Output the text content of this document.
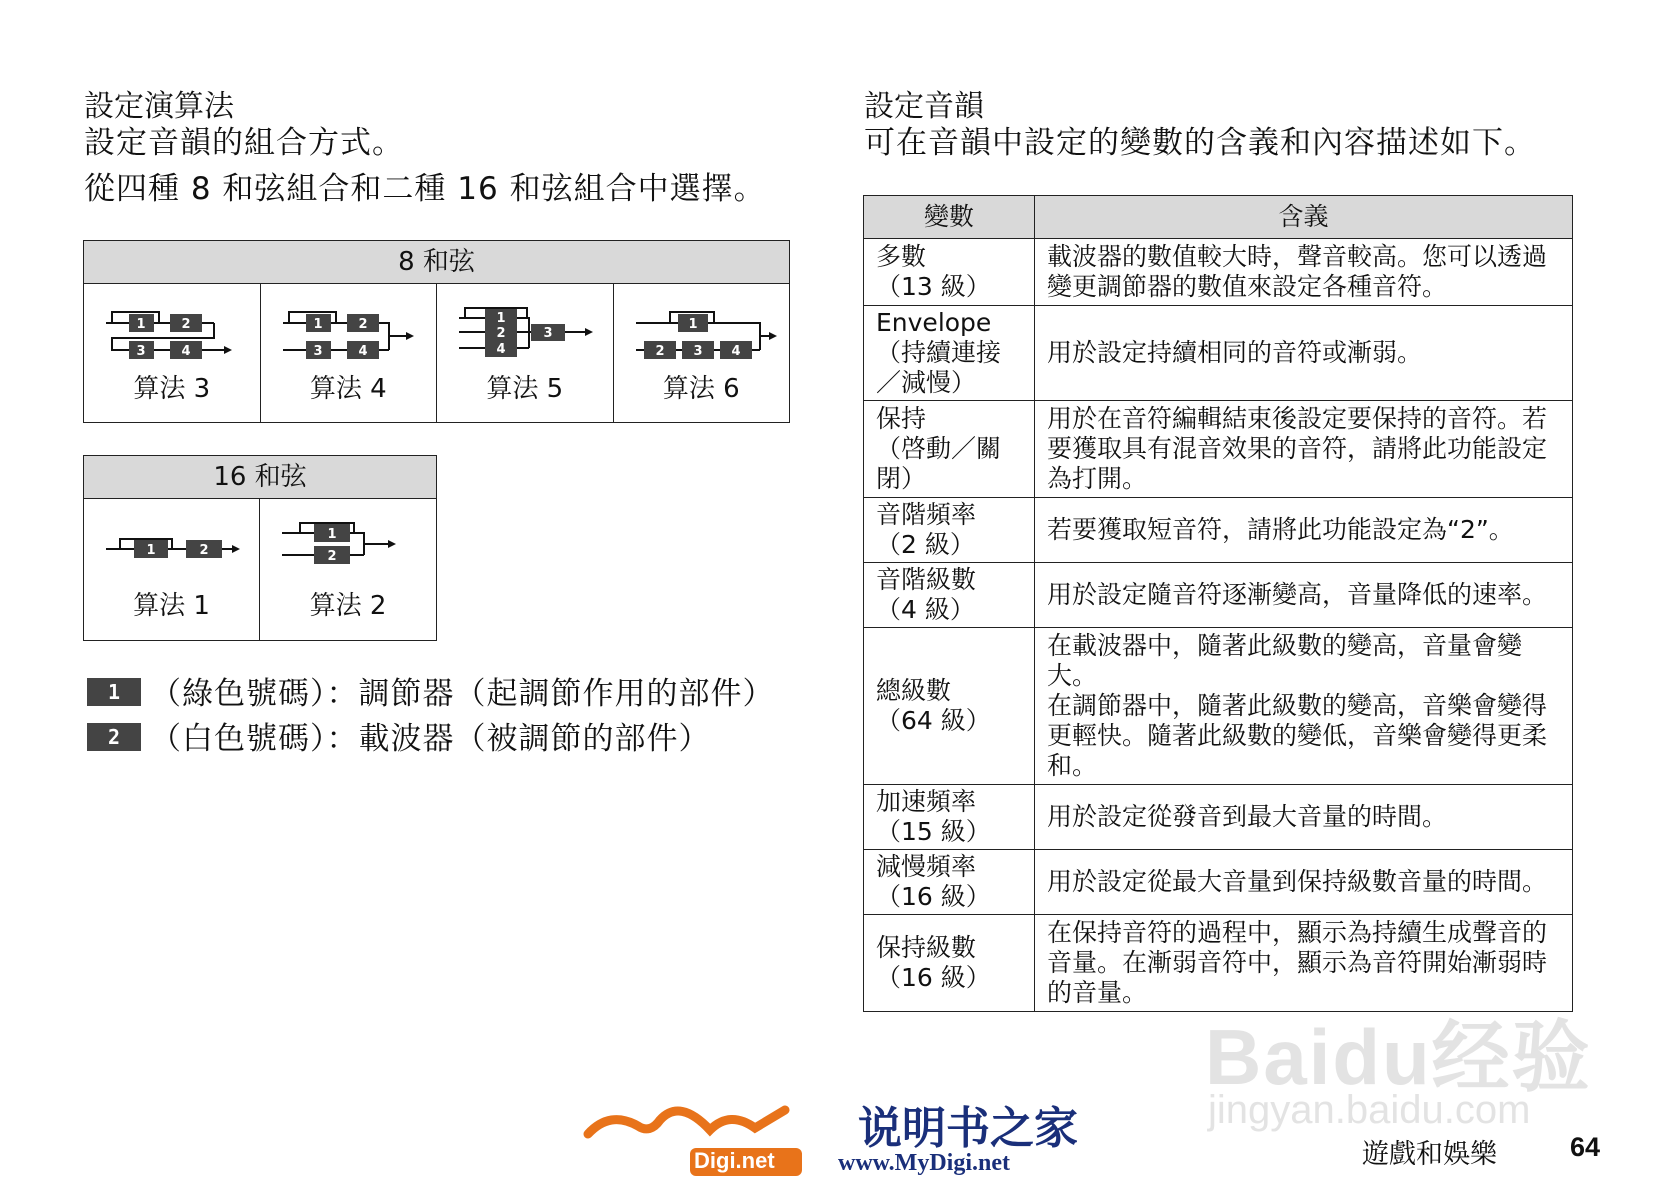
設定演算法
設定音韻的組合方式。
從四種 8 和弦組合和二種 16 和弦組合中選擇。
8 和弦
1	2
3	4
算法 3
1	2
3	4
算法 4
1
2	3
4
算法 5
1
2 3 4
算法 6
16 和弦
1	2
算法 1
1
2
算法 2
1 （綠色號碼）：調節器（起調節作用的部件）
2 （白色號碼）：載波器（被調節的部件）
設定音韻
可在音韻中設定的變數的含義和內容描述如下。
變數	含義
多數
（13 級）	載波器的數值較大時，聲音較高。您可以透過變更調節器的數值來設定各種音符。
Envelope
（持續連接
／減慢）	用於設定持續相同的音符或漸弱。
保持
（啓動／關
閉）	用於在音符編輯結束後設定要保持的音符。若要獲取具有混音效果的音符，請將此功能設定為打開。
音階頻率
（2 級）	若要獲取短音符，請將此功能設定為“2”。
音階級數
（4 級）	用於設定隨音符逐漸變高，音量降低的速率。
總級數
（64 級）	在載波器中，隨著此級數的變高，音量會變大。
在調節器中，隨著此級數的變高，音樂會變得更輕快。隨著此級數的變低，音樂會變得更柔和。
加速頻率
（15 級）	用於設定從發音到最大音量的時間。
減慢頻率
（16 級）	用於設定從最大音量到保持級數音量的時間。
保持級數
（16 級）	在保持音符的過程中，顯示為持續生成聲音的音量。在漸弱音符中，顯示為音符開始漸弱時的音量。
Baidu经验
jingyan.baidu.com
Digi.net
说明书之家
www.MyDigi.net	遊戲和娛樂	64
